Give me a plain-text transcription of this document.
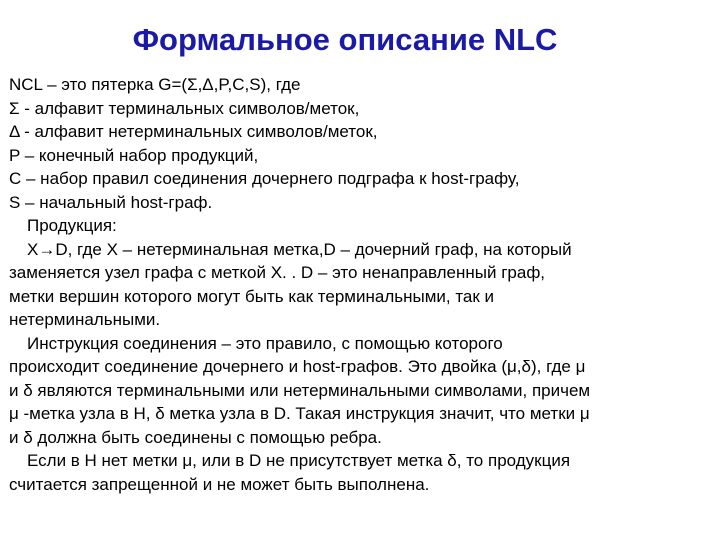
Формальное описание NLC
NCL – это пятерка G=(Σ,Δ,P,C,S), где
Σ - алфавит терминальных символов/меток,
Δ - алфавит нетерминальных символов/меток,
P – конечный набор продукций,
C – набор правил соединения дочернего подграфа к host-графу,
S – начальный host-граф.
Продукция:
X→D, где X – нетерминальная метка,D – дочерний граф, на который
заменяется узел графа с меткой X. . D – это ненаправленный граф,
метки вершин которого могут быть как терминальными, так и
нетерминальными.
Инструкция соединения – это правило, с помощью которого
происходит соединение дочернего и host-графов. Это двойка (μ,δ), где μ
и δ являются терминальными или нетерминальными символами, причем
μ -метка узла в H, δ метка узла в D. Такая инструкция значит, что метки μ
и δ должна быть соединены с помощью ребра.
Если в H нет метки μ, или в D не присутствует метка δ, то продукция
считается запрещенной и не может быть выполнена.
